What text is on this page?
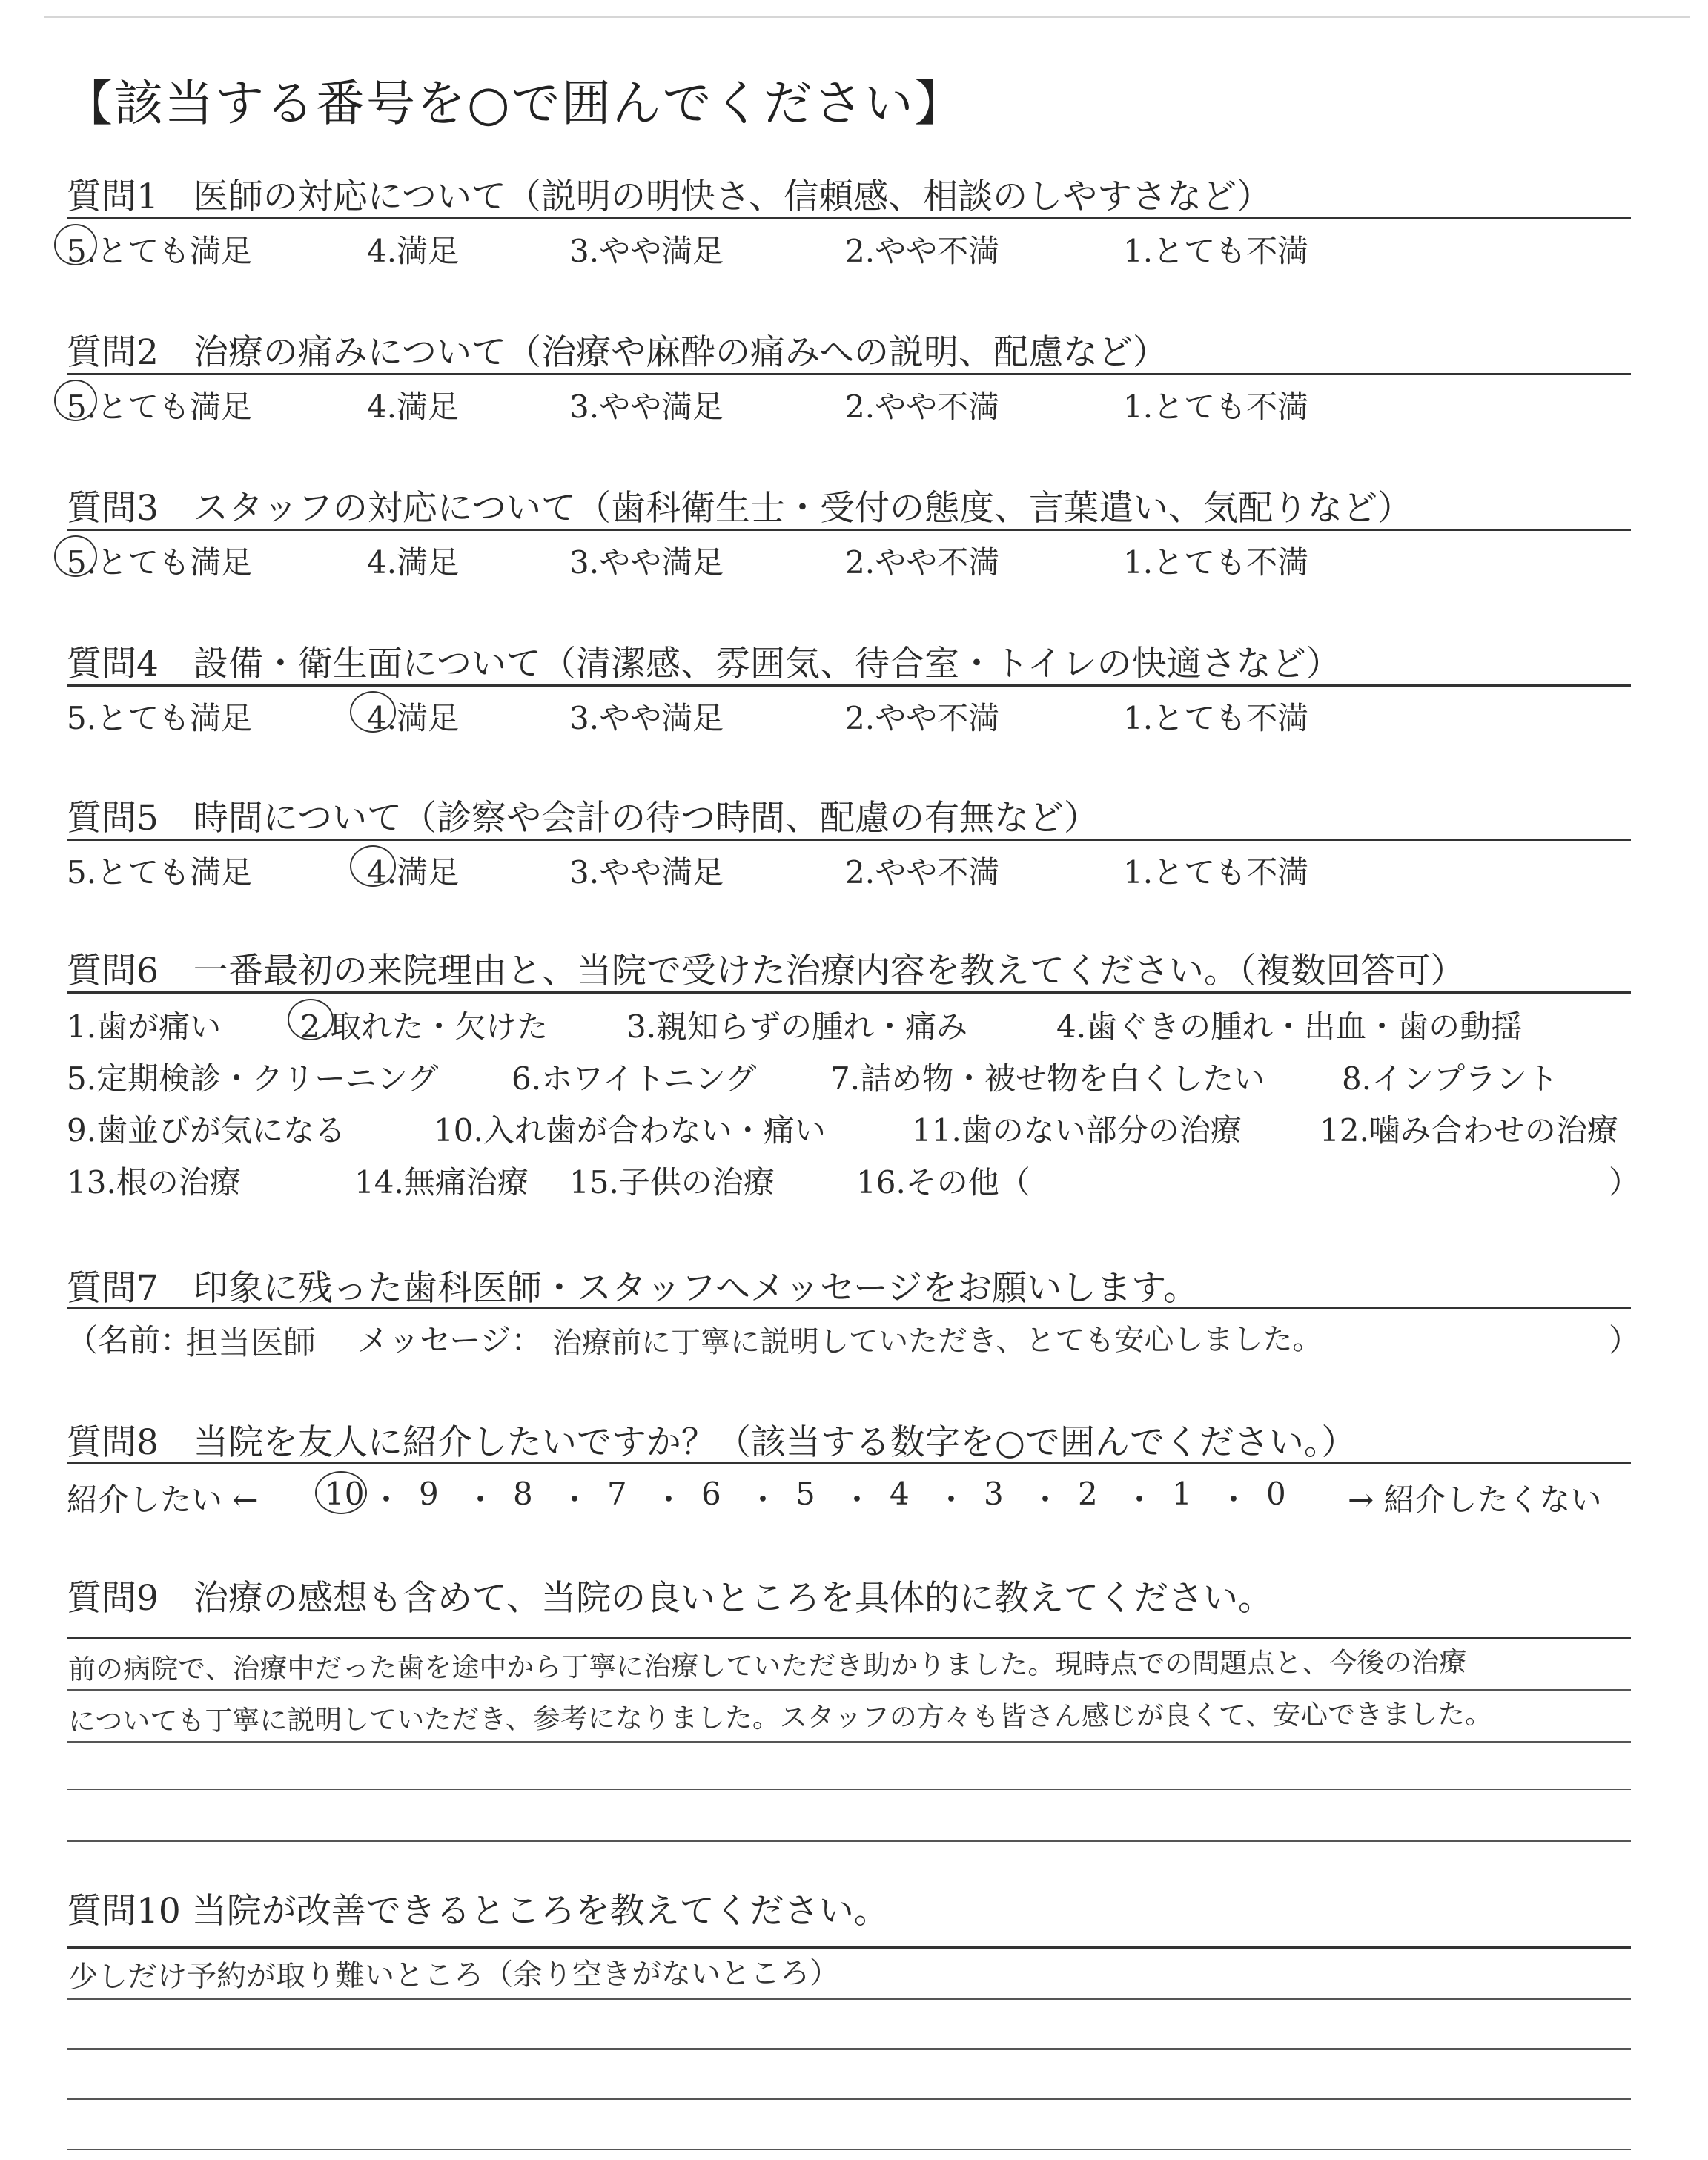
【該当する番号を○で囲んでください】
質問1　医師の対応について（説明の明快さ、信頼感、相談のしやすさなど）
5.とても満足	4.満足	3.やや満足	2.やや不満	1.とても不満
質問2　治療の痛みについて（治療や麻酔の痛みへの説明、配慮など）
5.とても満足	4.満足	3.やや満足	2.やや不満	1.とても不満
質問3　スタッフの対応について（歯科衛生士・受付の態度、言葉遣い、気配りなど）
5.とても満足	4.満足	3.やや満足	2.やや不満	1.とても不満
質問4　設備・衛生面について（清潔感、雰囲気、待合室・トイレの快適さなど）
5.とても満足	4.満足	3.やや満足	2.やや不満	1.とても不満
質問5　時間について（診察や会計の待つ時間、配慮の有無など）
5.とても満足	4.満足	3.やや満足	2.やや不満	1.とても不満
質問6　一番最初の来院理由と、当院で受けた治療内容を教えてください。（複数回答可）
1.歯が痛い	2.取れた・欠けた	3.親知らずの腫れ・痛み	4.歯ぐきの腫れ・出血・歯の動揺
5.定期検診・クリーニング 6.ホワイトニング 7.詰め物・被せ物を白くしたい 8.インプラント
9.歯並びが気になる	10.入れ歯が合わない・痛い	11.歯のない部分の治療	12.噛み合わせの治療
13.根の治療	14.無痛治療 15.子供の治療	16.その他（	）
質問7　印象に残った歯科医師・スタッフへメッセージをお願いします。
（名前：
担当医師 メッセージ： 治療前に丁寧に説明していただき、とても安心しました。	）
質問8　当院を友人に紹介したいですか？（該当する数字を○で囲んでください。）
紹介したい ← 10 ・ 9 ・ 8 ・ 7 ・ 6 ・ 5 ・ 4 ・ 3 ・ 2 ・ 1 ・ 0 → 紹介したくない
質問9　治療の感想も含めて、当院の良いところを具体的に教えてください。
前の病院で、治療中だった歯を途中から丁寧に治療していただき助かりました。現時点での問題点と、今後の治療
についても丁寧に説明していただき、参考になりました。スタッフの方々も皆さん感じが良くて、安心できました。
質問10 当院が改善できるところを教えてください。
少しだけ予約が取り難いところ（余り空きがないところ）
